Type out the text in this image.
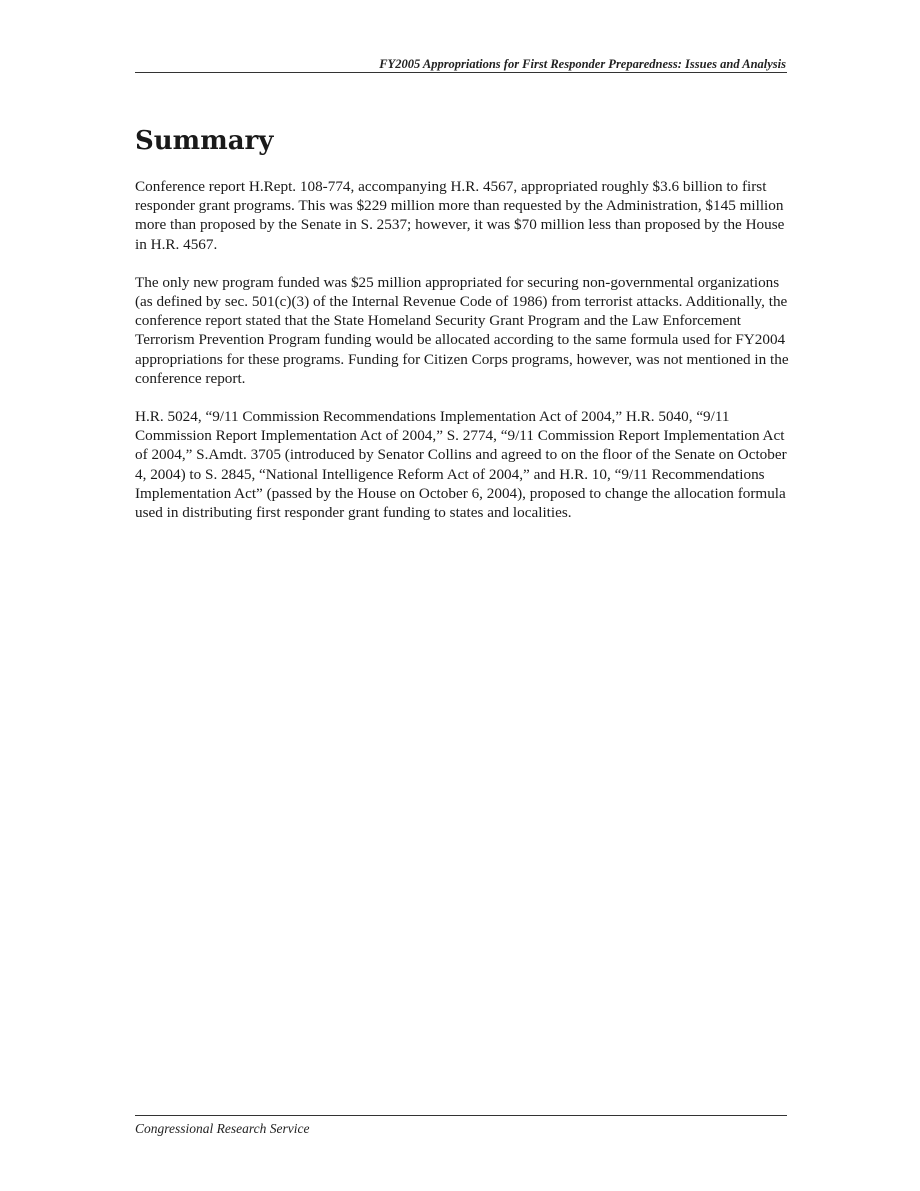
FY2005 Appropriations for First Responder Preparedness: Issues and Analysis
Summary

Conference report H.Rept. 108-774, accompanying H.R. 4567, appropriated roughly $3.6 billion to first responder grant programs. This was $229 million more than requested by the Administration, $145 million more than proposed by the Senate in S. 2537; however, it was $70 million less than proposed by the House in H.R. 4567.

The only new program funded was $25 million appropriated for securing non-governmental organizations (as defined by sec. 501(c)(3) of the Internal Revenue Code of 1986) from terrorist attacks. Additionally, the conference report stated that the State Homeland Security Grant Program and the Law Enforcement Terrorism Prevention Program funding would be allocated according to the same formula used for FY2004 appropriations for these programs. Funding for Citizen Corps programs, however, was not mentioned in the conference report.

H.R. 5024, “9/11 Commission Recommendations Implementation Act of 2004,” H.R. 5040, “9/11 Commission Report Implementation Act of 2004,” S. 2774, “9/11 Commission Report Implementation Act of 2004,” S.Amdt. 3705 (introduced by Senator Collins and agreed to on the floor of the Senate on October 4, 2004) to S. 2845, “National Intelligence Reform Act of 2004,” and H.R. 10, “9/11 Recommendations Implementation Act” (passed by the House on October 6, 2004), proposed to change the allocation formula used in distributing first responder grant funding to states and localities.

Congressional Research Service
